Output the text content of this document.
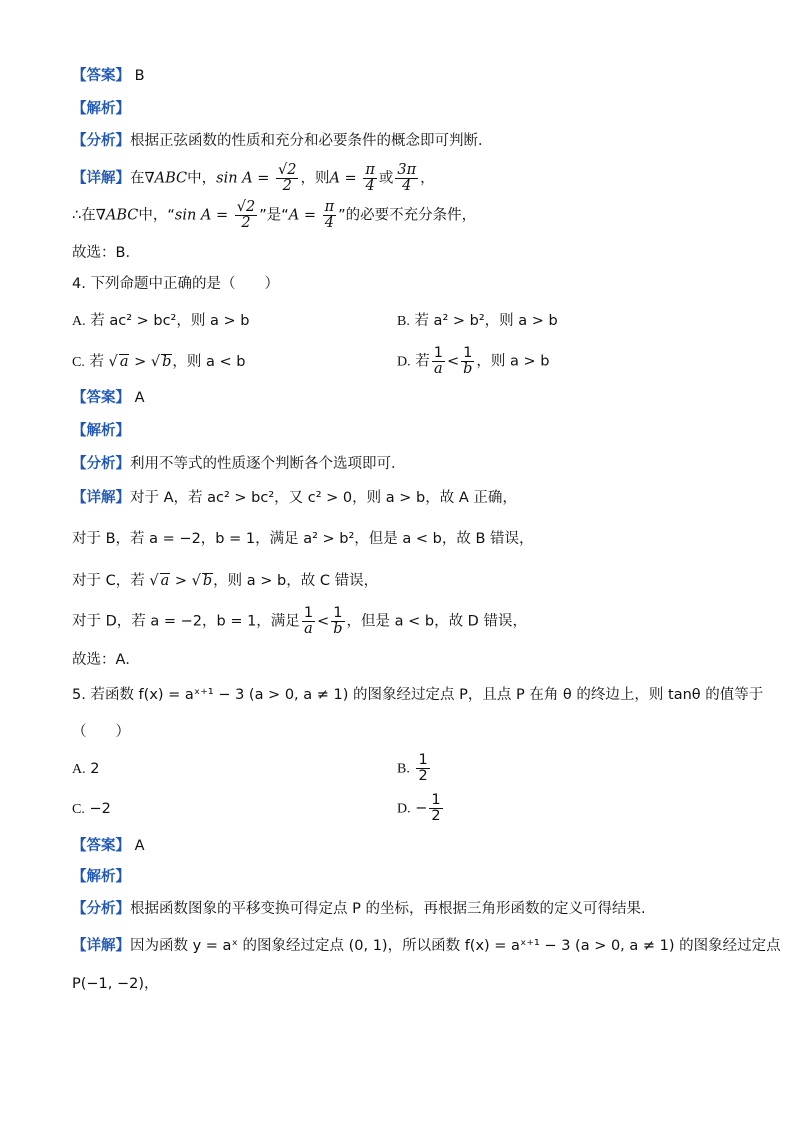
【答案】 B
【解析】
【分析】根据正弦函数的性质和充分和必要条件的概念即可判断．
【详解】在∇ABC中，$\sin A = \frac{√2}{2}$ ，则$A = \frac{\pi}{4}$ 或 $\frac{3\pi}{4}$ ，
∴在∇ABC中，“sin $A = \frac{√2}{2}$ ”是“$A = \frac{\pi}{4}$ ”的必要不充分条件，
故选：B．
4. 下列命题中正确的是（　　）
A. 若 ac² > bc²，则 a > b	B. 若 a² > b²，则 a > b
C. 若 √ a > √ b，则 a < b	D. 若 $\frac{1}{a} < \frac{1}{b}$ ，则 a > b
【答案】 A
【解析】
【分析】利用不等式的性质逐个判断各个选项即可．
【详解】对于 A，若 ac² > bc²，又 c² > 0，则 a > b，故 A 正确，
对于 B，若 a = −2，b = 1，满足 a² > b²，但是 a < b，故 B 错误，
对于 C，若 √ a > √ b，则 a > b，故 C 错误，
对于 D，若 a = −2，b = 1，满足 $\frac{1}{a} < \frac{1}{b}$ ，但是 a < b，故 D 错误，
故选：A．
5. 若函数 f(x) = aˣ⁺¹ − 3 (a > 0, a ≠ 1) 的图象经过定点 P，且点 P 在角 θ 的终边上，则 tanθ 的值等于
（　　）
A. 2	B. $\frac{1}{2}$
C. −2	D. − $\frac{1}{2}$
【答案】 A
【解析】
【分析】根据函数图象的平移变换可得定点 P 的坐标，再根据三角形函数的定义可得结果.
【详解】因为函数 y = aˣ 的图象经过定点 (0, 1)，所以函数 f(x) = aˣ⁺¹ − 3 (a > 0, a ≠ 1) 的图象经过定点
P(−1, −2)，
